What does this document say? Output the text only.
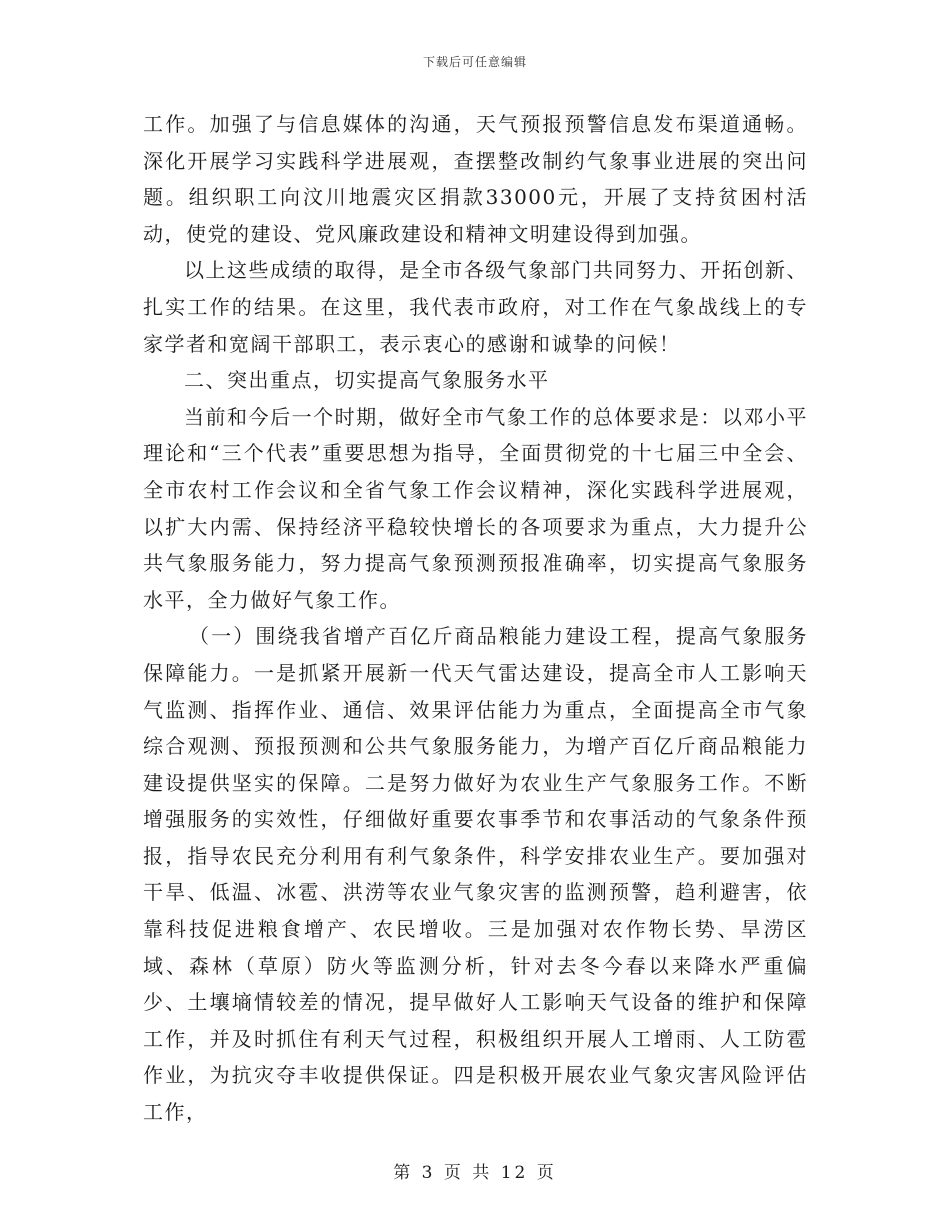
下载后可任意编辑

工作。加强了与信息媒体的沟通，天气预报预警信息发布渠道通畅。深化开展学习实践科学进展观，查摆整改制约气象事业进展的突出问题。组织职工向汶川地震灾区捐款33000元，开展了支持贫困村活动，使党的建设、党风廉政建设和精神文明建设得到加强。

以上这些成绩的取得，是全市各级气象部门共同努力、开拓创新、扎实工作的结果。在这里，我代表市政府，对工作在气象战线上的专家学者和宽阔干部职工，表示衷心的感谢和诚挚的问候！

二、突出重点，切实提高气象服务水平

当前和今后一个时期，做好全市气象工作的总体要求是：以邓小平理论和“三个代表”重要思想为指导，全面贯彻党的十七届三中全会、全市农村工作会议和全省气象工作会议精神，深化实践科学进展观，以扩大内需、保持经济平稳较快增长的各项要求为重点，大力提升公共气象服务能力，努力提高气象预测预报准确率，切实提高气象服务水平，全力做好气象工作。

（一）围绕我省增产百亿斤商品粮能力建设工程，提高气象服务保障能力。一是抓紧开展新一代天气雷达建设，提高全市人工影响天气监测、指挥作业、通信、效果评估能力为重点，全面提高全市气象综合观测、预报预测和公共气象服务能力，为增产百亿斤商品粮能力建设提供坚实的保障。二是努力做好为农业生产气象服务工作。不断增强服务的实效性，仔细做好重要农事季节和农事活动的气象条件预报，指导农民充分利用有利气象条件，科学安排农业生产。要加强对干旱、低温、冰雹、洪涝等农业气象灾害的监测预警，趋利避害，依靠科技促进粮食增产、农民增收。三是加强对农作物长势、旱涝区域、森林（草原）防火等监测分析，针对去冬今春以来降水严重偏少、土壤墒情较差的情况，提早做好人工影响天气设备的维护和保障工作，并及时抓住有利天气过程，积极组织开展人工增雨、人工防雹作业，为抗灾夺丰收提供保证。四是积极开展农业气象灾害风险评估工作，

第 3 页 共 12 页
